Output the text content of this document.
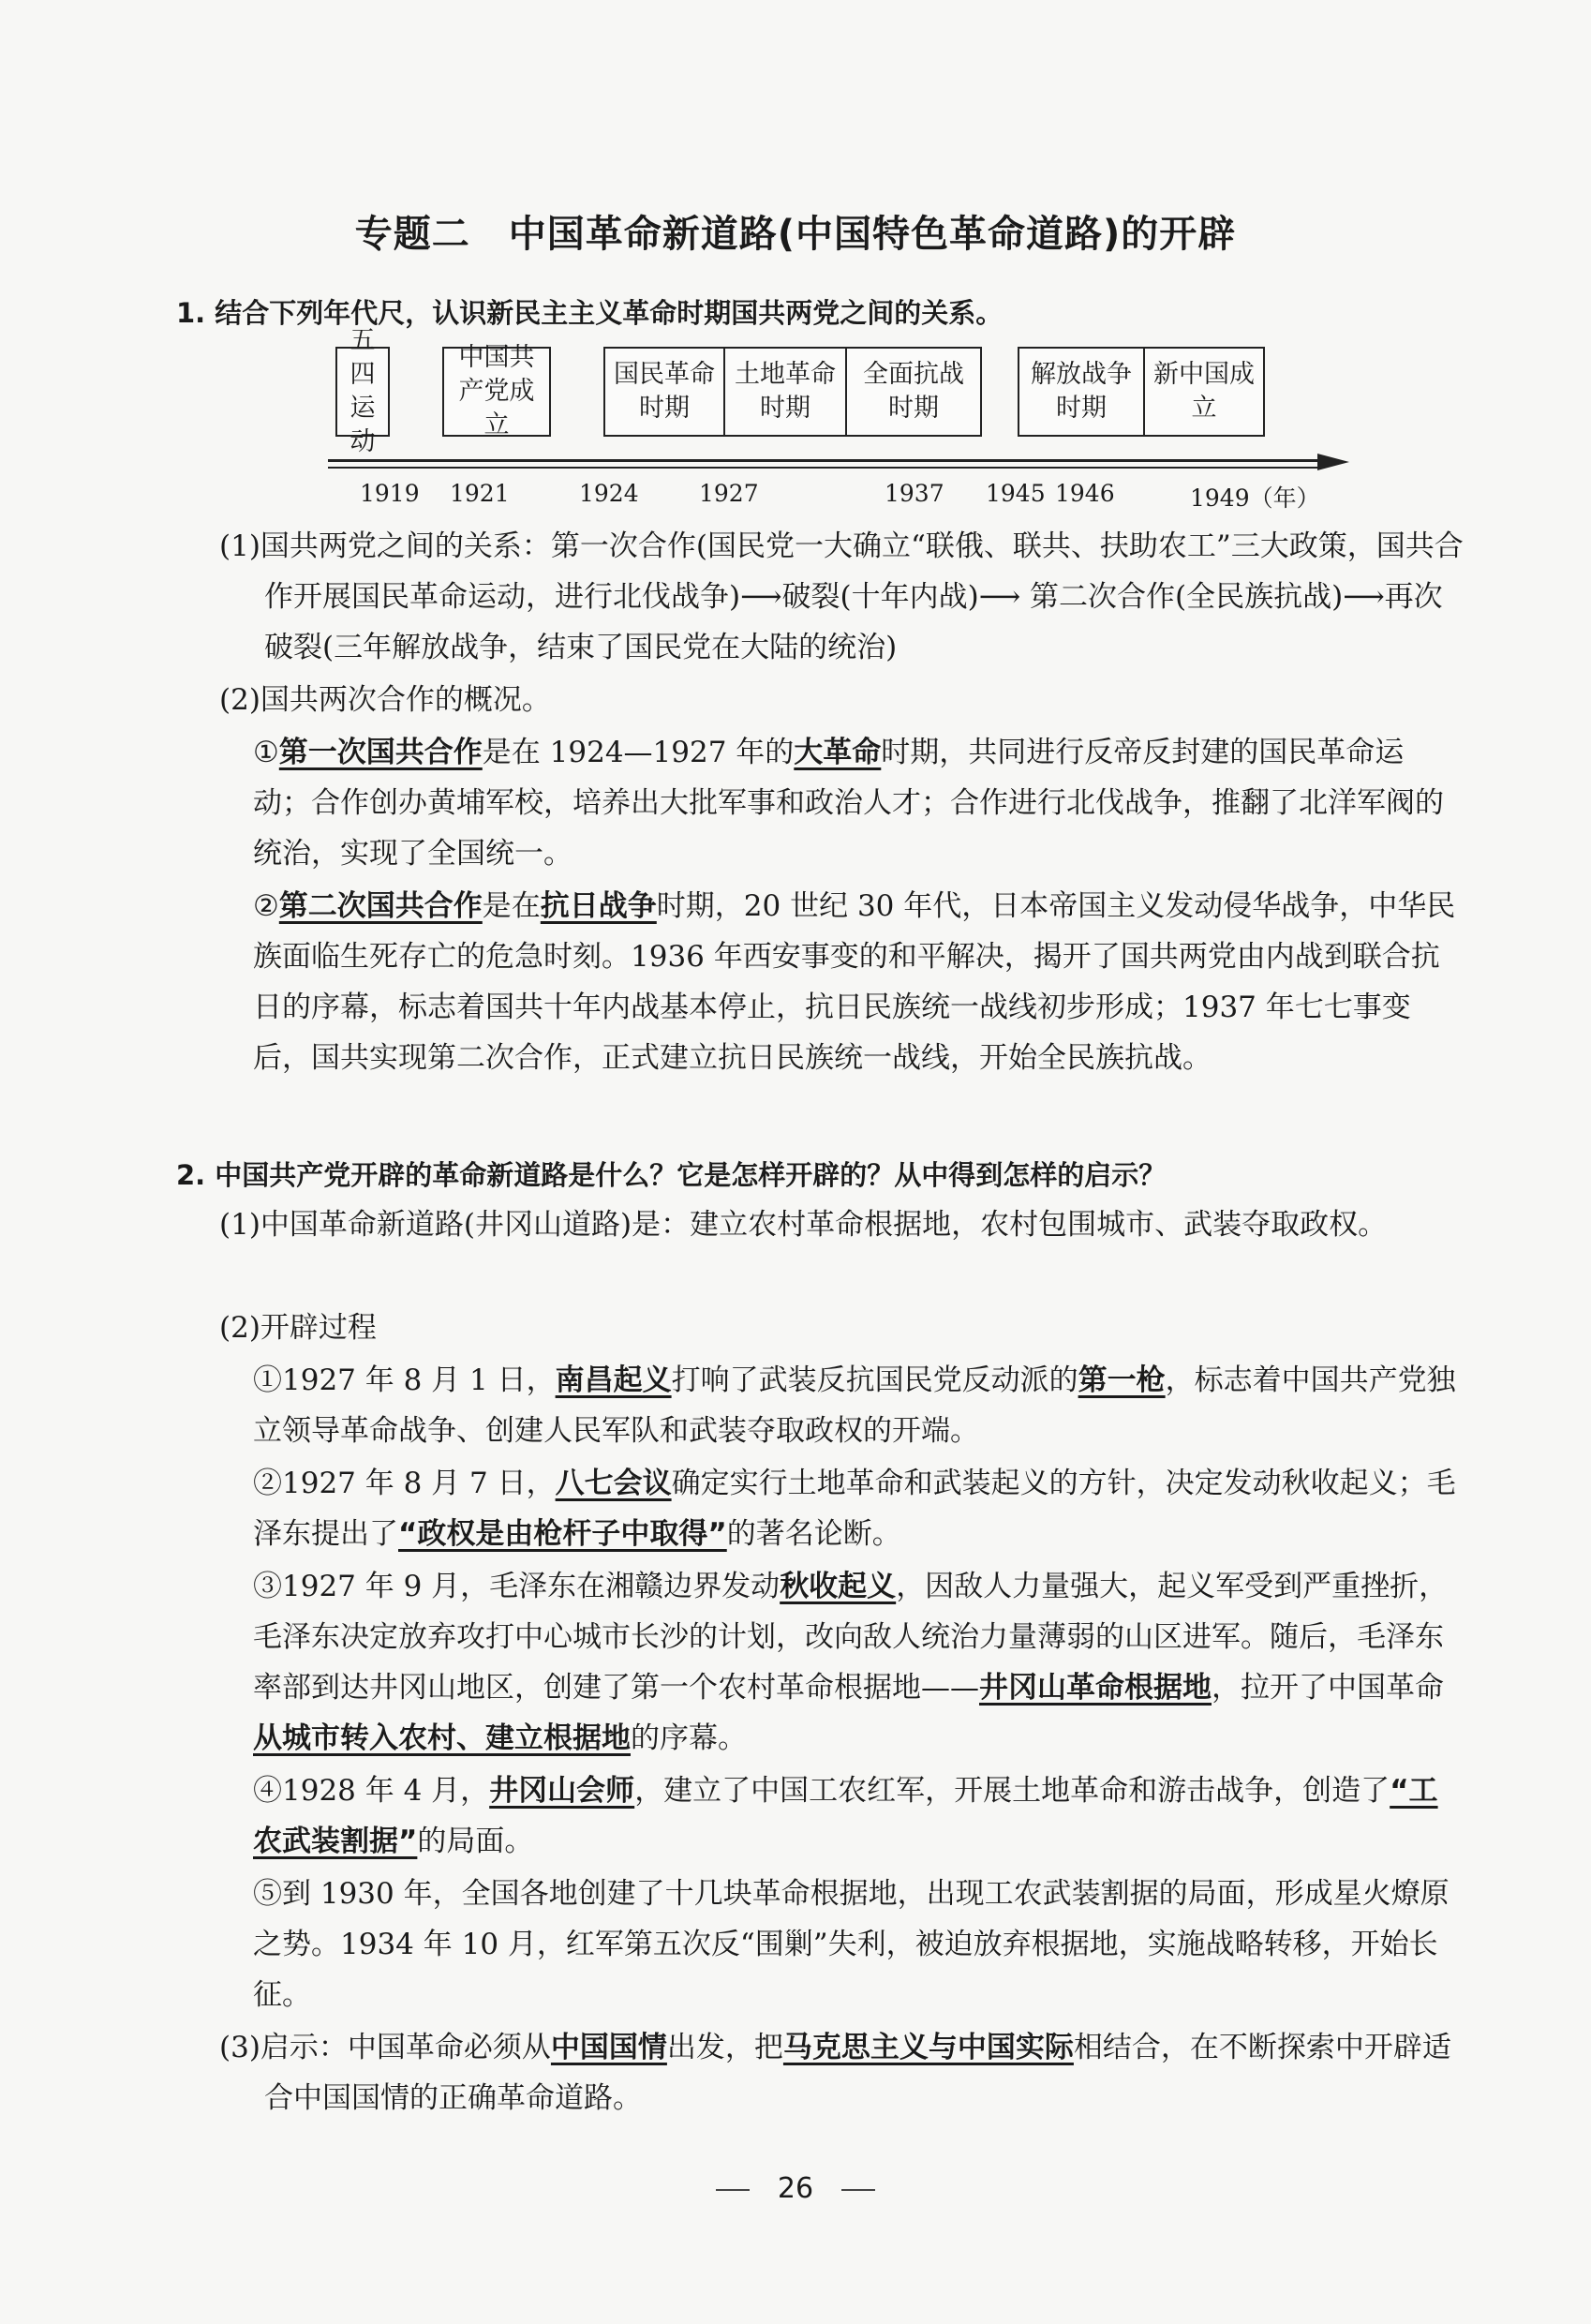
专题二　中国革命新道路(中国特色革命道路)的开辟
1. 结合下列年代尺，认识新民主主义革命时期国共两党之间的关系。
五四运动
中国共产党成立
国民革命时期
土地革命时期
全面抗战时期
解放战争时期
新中国成立
1919 1921	1924	1927	1937 1945 1946	1949（年）
(1)国共两党之间的关系：第一次合作(国民党一大确立“联俄、联共、扶助农工”三大政策，国共合作开展国民革命运动，进行北伐战争)⟶破裂(十年内战)⟶ 第二次合作(全民族抗战)⟶再次破裂(三年解放战争，结束了国民党在大陆的统治)
(2)国共两次合作的概况。
①第一次国共合作是在 1924—1927 年的大革命时期，共同进行反帝反封建的国民革命运动；合作创办黄埔军校，培养出大批军事和政治人才；合作进行北伐战争，推翻了北洋军阀的统治，实现了全国统一。
②第二次国共合作是在抗日战争时期，20 世纪 30 年代，日本帝国主义发动侵华战争，中华民族面临生死存亡的危急时刻。1936 年西安事变的和平解决，揭开了国共两党由内战到联合抗日的序幕，标志着国共十年内战基本停止，抗日民族统一战线初步形成；1937 年七七事变后，国共实现第二次合作，正式建立抗日民族统一战线，开始全民族抗战。
2. 中国共产党开辟的革命新道路是什么？它是怎样开辟的？从中得到怎样的启示？
(1)中国革命新道路(井冈山道路)是：建立农村革命根据地，农村包围城市、武装夺取政权。
(2)开辟过程
①1927 年 8 月 1 日，南昌起义打响了武装反抗国民党反动派的第一枪，标志着中国共产党独立领导革命战争、创建人民军队和武装夺取政权的开端。
②1927 年 8 月 7 日，八七会议确定实行土地革命和武装起义的方针，决定发动秋收起义；毛泽东提出了“政权是由枪杆子中取得”的著名论断。
③1927 年 9 月，毛泽东在湘赣边界发动秋收起义，因敌人力量强大，起义军受到严重挫折，毛泽东决定放弃攻打中心城市长沙的计划，改向敌人统治力量薄弱的山区进军。随后，毛泽东率部到达井冈山地区，创建了第一个农村革命根据地——井冈山革命根据地，拉开了中国革命从城市转入农村、建立根据地的序幕。
④1928 年 4 月，井冈山会师，建立了中国工农红军，开展土地革命和游击战争，创造了“工农武装割据”的局面。
⑤到 1930 年，全国各地创建了十几块革命根据地，出现工农武装割据的局面，形成星火燎原之势。1934 年 10 月，红军第五次反“围剿”失利，被迫放弃根据地，实施战略转移，开始长征。
(3)启示：中国革命必须从中国国情出发，把马克思主义与中国实际相结合，在不断探索中开辟适合中国国情的正确革命道路。
26
